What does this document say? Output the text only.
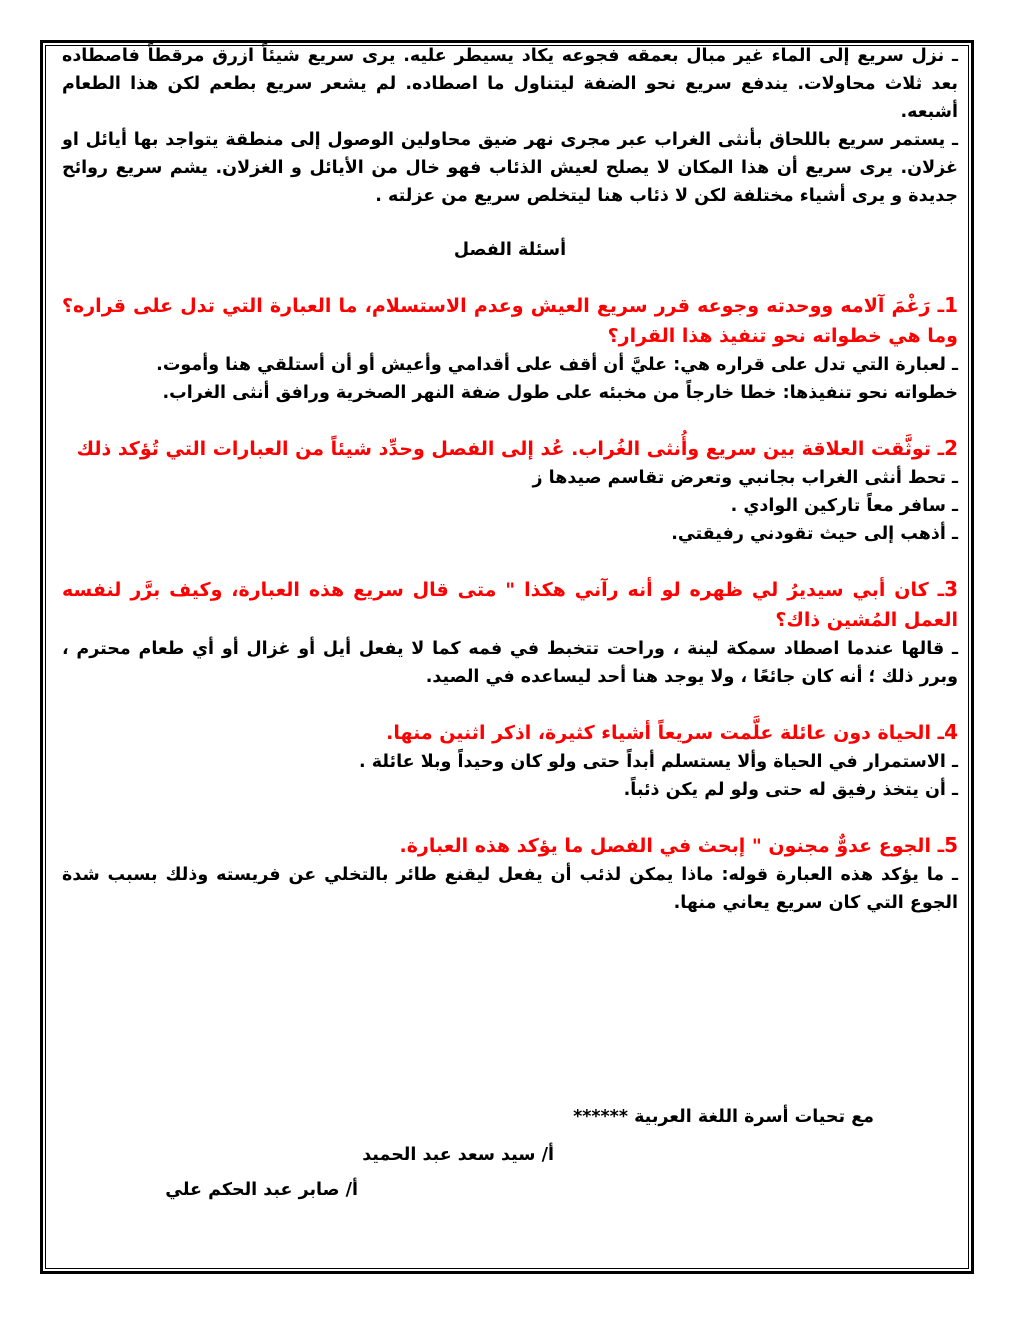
ـ نزل سريع إلى الماء غير مبال بعمقه فجوعه يكاد يسيطر عليه. يرى سريع شيئاً ازرق مرقطاً فاصطاده بعد ثلاث محاولات. يندفع سريع نحو الضفة ليتناول ما اصطاده. لم يشعر سريع بطعم لكن هذا الطعام أشبعه.

ـ يستمر سريع باللحاق بأنثى الغراب عبر مجرى نهر ضيق محاولين الوصول إلى منطقة يتواجد بها أيائل او غزلان. يرى سريع أن هذا المكان لا يصلح لعيش الذئاب فهو خال من الأيائل و الغزلان. يشم سريع روائح جديدة و يرى أشياء مختلفة لكن لا ذئاب هنا ليتخلص سريع من عزلته .

أسئلة الفصل

1ـ رَغْمَ آلامه ووحدته وجوعه قرر سريع العيش وعدم الاستسلام، ما العبارة التي تدل على قراره؟ وما هي خطواته نحو تنفيذ هذا القرار؟

ـ لعبارة التي تدل على قراره هي: عليَّ أن أقف على أقدامي وأعيش أو أن أستلقي هنا وأموت.

خطواته نحو تنفيذها: خطا خارجاً من مخبئه على طول ضفة النهر الصخرية ورافق أنثى الغراب.

2ـ توثَّقت العلاقة بين سريع وأُنثى الغُراب. عُد إلى الفصل وحدِّد شيئاً من العبارات التي تُؤكد ذلك

ـ تحط أنثى الغراب بجانبي وتعرض تقاسم صيدها ز

ـ سافر معاً تاركين الوادي .

ـ أذهب إلى حيث تقودني رفيقتي.

3ـ كان أبي سيديرُ لي ظهره لو أنه رآني هكذا " متى قال سريع هذه العبارة، وكيف برَّر لنفسه العمل المُشين ذاك؟

ـ قالها عندما اصطاد سمكة لينة ، وراحت تتخبط في فمه كما لا يفعل أيل أو غزال أو أي طعام محترم ، وبرر ذلك ؛ أنه كان جائعًا ، ولا يوجد هنا أحد ليساعده في الصيد.

4ـ الحياة دون عائلة علَّمت سريعاً أشياء كثيرة، اذكر اثنين منها.

ـ الاستمرار في الحياة وألا يستسلم أبداً حتى ولو كان وحيداً وبلا عائلة .

ـ أن يتخذ رفيق له حتى ولو لم يكن ذئباً.

5ـ الجوع عدوٌّ مجنون " إبحث في الفصل ما يؤكد هذه العبارة.

ـ ما يؤكد هذه العبارة قوله: ماذا يمكن لذئب أن يفعل ليقنع طائر بالتخلي عن فريسته وذلك بسبب شدة الجوع التي كان سريع يعاني منها.

مع تحيات أسرة اللغة العربية ******
أ/ سيد سعد عبد الحميد
أ/ صابر عبد الحكم علي
